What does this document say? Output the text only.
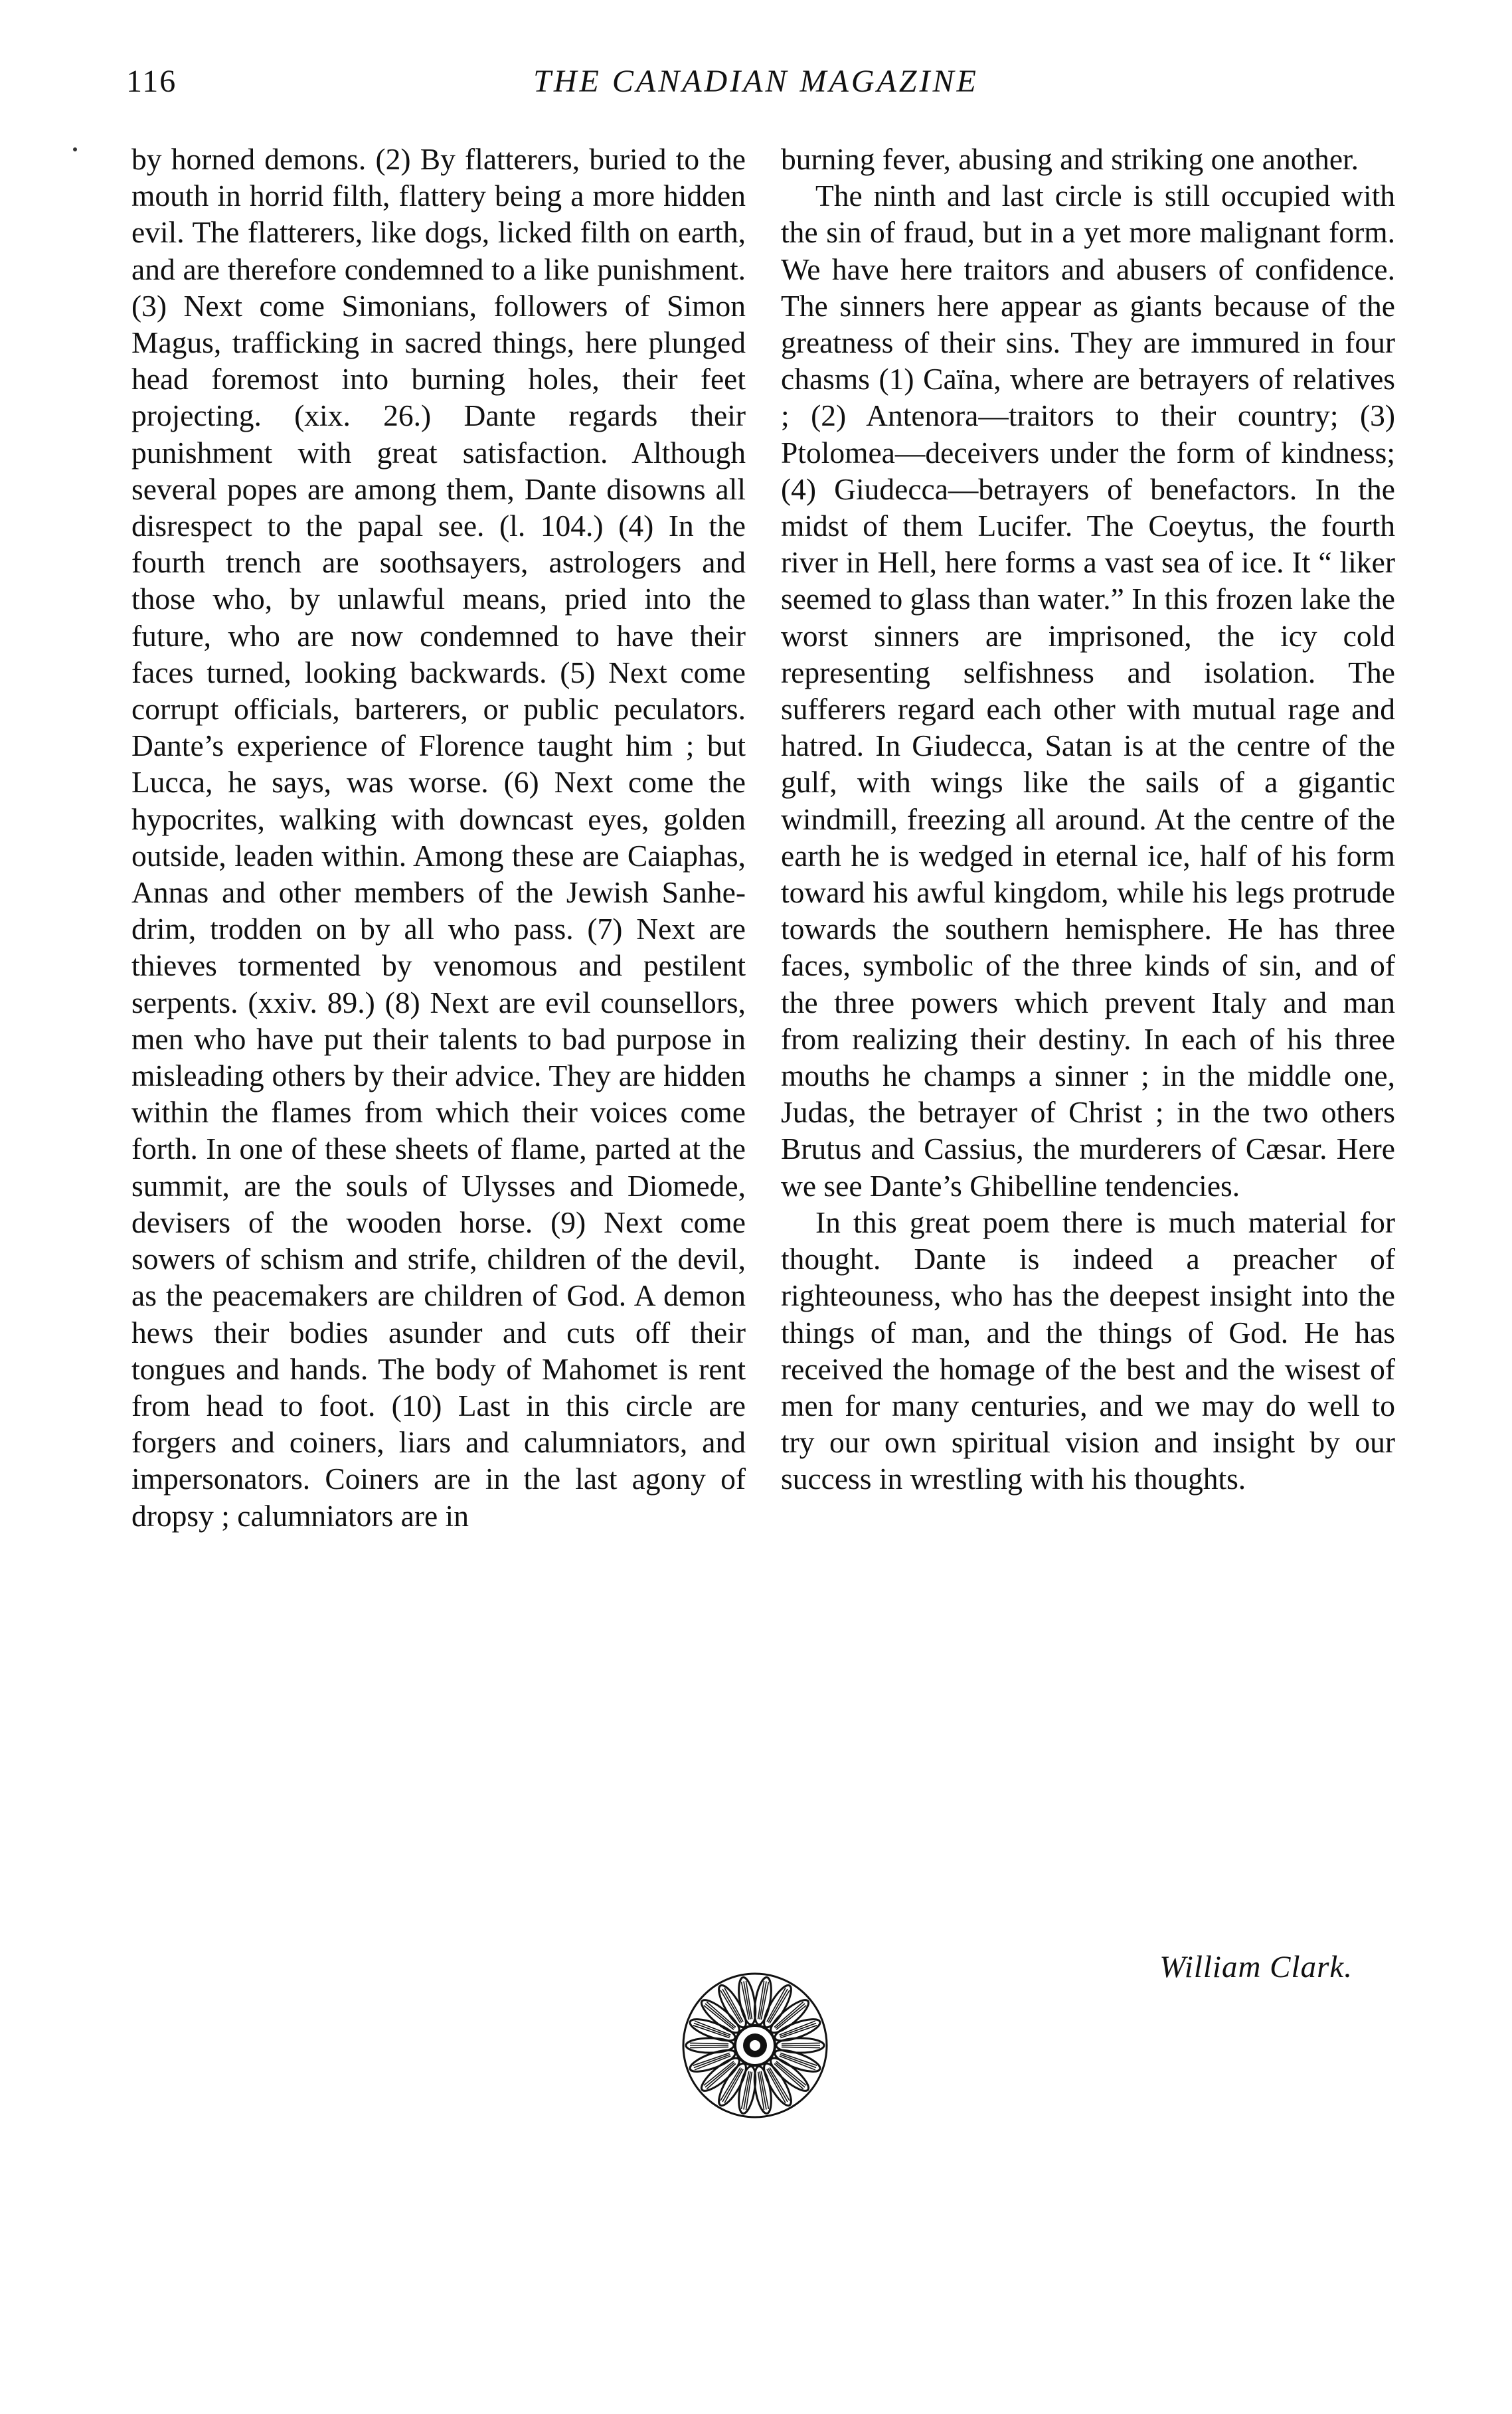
116	THE CANADIAN MAGAZINE

by horned demons. (2) By flatterers, buried to the mouth in horrid filth, flattery being a more hidden evil. The flatterers, like dogs, licked filth on earth, and are therefore condemned to a like punishment. (3) Next come Simonians, followers of Simon Magus, trafficking in sacred things, here plunged head foremost into burning holes, their feet projecting. (xix. 26.) Dante regards their punishment with great satisfaction. Although several popes are among them, Dante disowns all disrespect to the papal see. (l. 104.) (4) In the fourth trench are soothsayers, astrologers and those who, by unlawful means, pried into the future, who are now condemned to have their faces turned, looking backwards. (5) Next come corrupt officials, barterers, or public peculators. Dante’s experience of Florence taught him ; but Lucca, he says, was worse. (6) Next come the hypocrites, walking with downcast eyes, golden outside, leaden within. Among these are Caiaphas, Annas and other members of the Jewish Sanhedrim, trodden on by all who pass. (7) Next are thieves tormented by venomous and pestilent serpents. (xxiv. 89.) (8) Next are evil counsellors, men who have put their talents to bad purpose in misleading others by their advice. They are hidden within the flames from which their voices come forth. In one of these sheets of flame, parted at the summit, are the souls of Ulysses and Diomede, devisers of the wooden horse. (9) Next come sowers of schism and strife, children of the devil, as the peacemakers are children of God. A demon hews their bodies asunder and cuts off their tongues and hands. The body of Mahomet is rent from head to foot. (10) Last in this circle are forgers and coiners, liars and calumniators, and impersonators. Coiners are in the last agony of dropsy ; calumniators are in

burning fever, abusing and striking one another.

The ninth and last circle is still occupied with the sin of fraud, but in a yet more malignant form. We have here traitors and abusers of confidence. The sinners here appear as giants because of the greatness of their sins. They are immured in four chasms (1) Caïna, where are betrayers of relatives ; (2) Antenora—traitors to their country; (3) Ptolomea—deceivers under the form of kindness; (4) Giudecca—betrayers of benefactors. In the midst of them Lucifer. The Coeytus, the fourth river in Hell, here forms a vast sea of ice. It “ liker seemed to glass than water.” In this frozen lake the worst sinners are imprisoned, the icy cold representing selfishness and isolation. The sufferers regard each other with mutual rage and hatred. In Giudecca, Satan is at the centre of the gulf, with wings like the sails of a gigantic windmill, freezing all around. At the centre of the earth he is wedged in eternal ice, half of his form toward his awful kingdom, while his legs protrude towards the southern hemisphere. He has three faces, symbolic of the three kinds of sin, and of the three powers which prevent Italy and man from realizing their destiny. In each of his three mouths he champs a sinner ; in the middle one, Judas, the betrayer of Christ ; in the two others Brutus and Cassius, the murderers of Cæsar. Here we see Dante’s Ghibelline tendencies.

In this great poem there is much material for thought. Dante is indeed a preacher of righteouness, who has the deepest insight into the things of man, and the things of God. He has received the homage of the best and the wisest of men for many centuries, and we may do well to try our own spiritual vision and insight by our success in wrestling with his thoughts.

William Clark.
